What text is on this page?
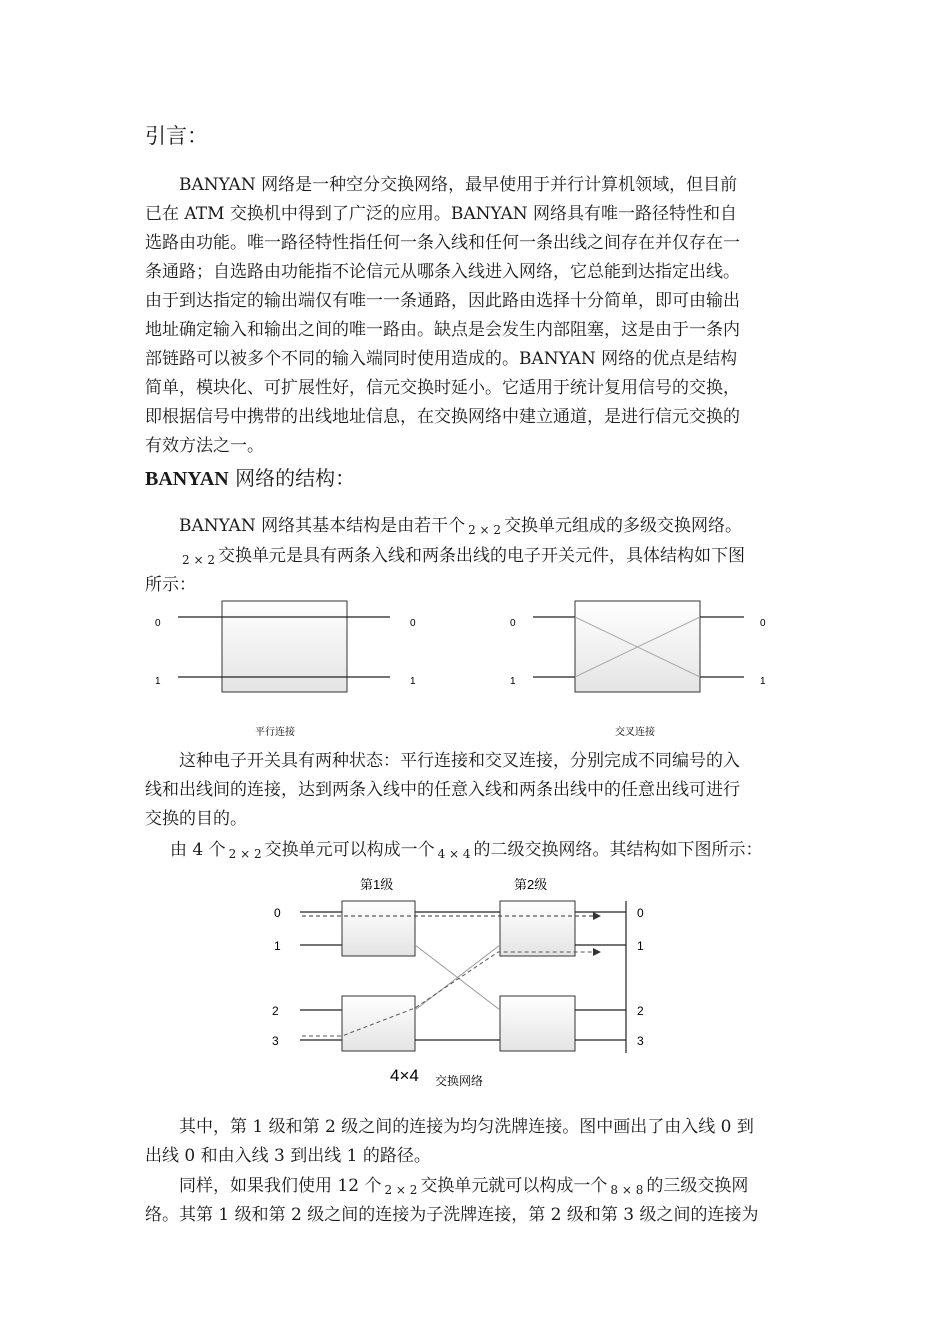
引言：
BANYAN 网络是一种空分交换网络，最早使用于并行计算机领域，但目前
已在 ATM 交换机中得到了广泛的应用。BANYAN 网络具有唯一路径特性和自
选路由功能。唯一路径特性指任何一条入线和任何一条出线之间存在并仅存在一
条通路；自选路由功能指不论信元从哪条入线进入网络，它总能到达指定出线。
由于到达指定的输出端仅有唯一一条通路，因此路由选择十分简单，即可由输出
地址确定输入和输出之间的唯一路由。缺点是会发生内部阻塞，这是由于一条内
部链路可以被多个不同的输入端同时使用造成的。BANYAN 网络的优点是结构
简单，模块化、可扩展性好，信元交换时延小。它适用于统计复用信号的交换，
即根据信号中携带的出线地址信息，在交换网络中建立通道，是进行信元交换的
有效方法之一。
BANYAN 网络的结构：
BANYAN 网络其基本结构是由若干个 2 × 2 交换单元组成的多级交换网络。
2 × 2 交换单元是具有两条入线和两条出线的电子开关元件，具体结构如下图
所示：
0
1
0
1
平行连接
0
1
0
1
交叉连接
这种电子开关具有两种状态：平行连接和交叉连接，分别完成不同编号的入
线和出线间的连接，达到两条入线中的任意入线和两条出线中的任意出线可进行
交换的目的。
由 4 个 2 × 2 交换单元可以构成一个 4 × 4 的二级交换网络。其结构如下图所示：
第1级	第2级
0
1
2
3
0
1
2
3
4×4 交换网络
其中，第 1 级和第 2 级之间的连接为均匀洗牌连接。图中画出了由入线 0 到
出线 0 和由入线 3 到出线 1 的路径。
同样，如果我们使用 12 个 2 × 2 交换单元就可以构成一个 8 × 8 的三级交换网
络。其第 1 级和第 2 级之间的连接为子洗牌连接，第 2 级和第 3 级之间的连接为
